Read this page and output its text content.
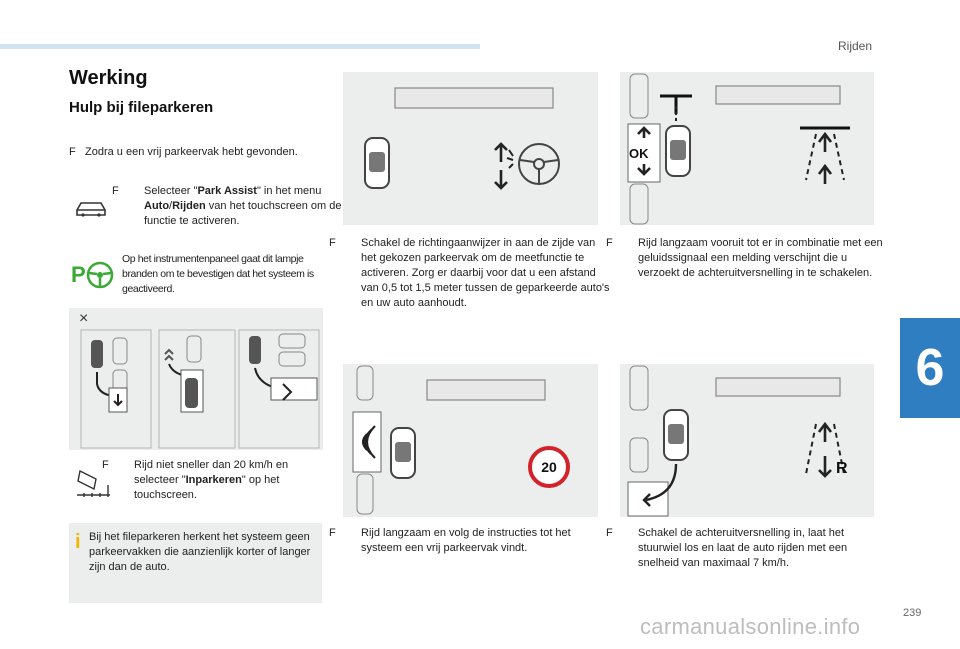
Rijden
6
Werking
Hulp bij fileparkeren
F Zodra u een vrij parkeervak hebt gevonden.
F Selecteer "Park Assist" in het menu Auto/Rijden van het touchscreen om de functie te activeren.
P
Op het instrumentenpaneel gaat dit lampje branden om te bevestigen dat het systeem is geactiveerd.
×
F Rijd niet sneller dan 20 km/h en selecteer "Inparkeren" op het touchscreen.
i Bij het fileparkeren herkent het systeem geen parkeervakken die aanzienlijk korter of langer zijn dan de auto.
F Schakel de richtingaanwijzer in aan de zijde van het gekozen parkeervak om de meetfunctie te activeren. Zorg er daarbij voor dat u een afstand van 0,5 tot 1,5 meter tussen de geparkeerde auto's en uw auto aanhoudt.
20
F Rijd langzaam en volg de instructies tot het systeem een vrij parkeervak vindt.
OK
F Rijd langzaam vooruit tot er in combinatie met een geluidssignaal een melding verschijnt die u verzoekt de achteruitversnelling in te schakelen.
R
F Schakel de achteruitversnelling in, laat het stuurwiel los en laat de auto rijden met een snelheid van maximaal 7 km/h.
239
carmanualsonline.info
